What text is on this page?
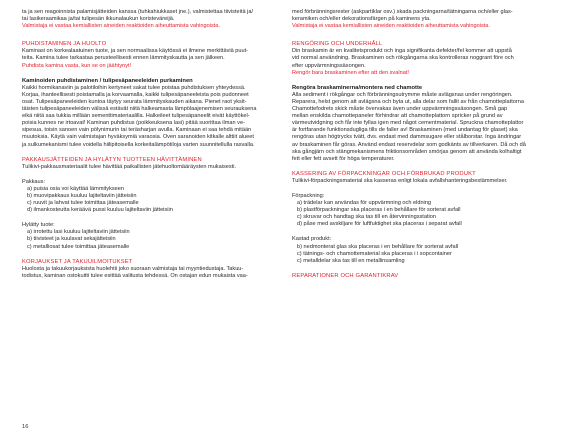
ta ja sen reagoinnista palamisjätteiden kanssa (tuhkahiukkaset jne.), valmistettaa tiivisteitä ja/

tai lasikeraamikaa ja/tai tulipesän ikkunalaukun koristeväreijä.

Valmistaja ei vastaa kemiallisten aineiden reaktioiden aiheuttamista vahingoista.

PUHDISTAMINEN JA HUOLTO

Kaminasi on korkealaatuinen tuote, ja sen normaalissa käytössä ei ilmene merkittäviä puut-

teita. Kamina tulee tarkastaa perusteellisesti ennen lämmityskautta ja sen jälkeen.

Puhdista kamina vasta, kun se on jäähtynyt!

Kaminoiden puhdistaminen / tulipesäpaneeleiden purkaminen

Kaikki hormikanaviin ja palotiloihin kertyneet sakat tulee poistaa puhdistuksen yhteydessä.

Korjaa, ihanteellisesti poistamalla ja korvaamalla, kaikki tulipesäpaneeleista pois pudonneet

osat. Tulipesäpaneeleiden kuntoa täytyy seurata lämmityskauden aikana. Pienet raot yksit-

täisten tulipesäpaneeleiden välissä estävät niitä halkeamasta lämpölaajenemisen seurauksena

eikä niitä saa tukkia millään sementtimateriaalilla. Halkeileet tulipesäpaneelit eivät käyttökel-

poisia kunnes ne irtoavat! Kaminan puhdistus (poikkeuksena lasi) pitää suorittaa ilman ve-

sipesua, toisin sanoen vain pölynimurin tai teräsharjan avulla. Kaminaan ei saa tehdä mitään

muutoksia. Käytä vain valmistajan hyväksymiä varaosia. Oven saranoiden kitkalle alttiit alueet

ja sulkumekanismi tulee voidella hiilipitoisella korkeitalämpötiloja varten suunnitellulla rasvalla.

PAKKAUSJÄTTEIDEN JA HYLÄTYN TUOTTEEN HÄVITTÄMINEN

Tulikivi-pakkausmateriaalit tulee hävittää paikallisten jätehuoltomääräysten mukaisesti.

Pakkaus:

a) puisia osia voi käyttää lämmitykseen
b) muovipakkaus kuuluu lajiteltaviin jätteisiin
c) ruuvit ja lahvat tulee toimittaa jäteasemalle
d) ilmankosteutta keräävä pussi kuuluu lajiteltaviin jätteisiin

Hylätty tuote:

a) irrotettu lasi kuuluu lajiteltaviin jätteisiin
b) tiivisteet ja kuulavat sekajätteisiin
c) metalliosat tulee toimittaa jäteasemalle

KORJAUKSET JA TAKUUILMOITUKSET

Huolosta ja takuukorjauksista huolehtii joko suoraan valmistaja tai myyntiedustaja. Takuu-

todistus, kaminan ostokuitti tulee esittää valitusta tehdessä. On ostajan edun mukaista vaa-

med förbränningsrester (askpartiklar osv.) skada packningarna/tätningarna och/eller glas-

keramiken och/eller dekorationsfärgen på kaminens yta.

Valmistaja ei vastaa kemiallisten aineiden reaktioiden aiheuttamista vahingoista.

RENGÖRING OCH UNDERHÅLL

Din braskamin är en kvalitetsprodukt och inga signifikanta defekter/fel kommer att uppstå

vid normal användning. Braskaminen och rökgångarna ska kontrolleras noggrant före och

efter uppvärmningssäsongen.

Rengör bara braskaminen efter att den svalnat!

Rengöra braskaminerna/montera ned chamotte

Alla sediment i rökgångar och förbränningsutrymme måste avlägsnas under rengöringen.

Reparera, helst genom att avlägsna och byta ut, alla delar som fallit av från chamotteplattorna

Chamottefodrets skick måste övervakas även under uppvärmningssäsongen. Små gap

mellan enskilda chamottepaneler förhindrar att chamotteplattorn spricker på grund av

värmeutvidgning och får inte fyllas igen med något cementmaterial. Spruckna chamotteplattor

är fortfarande funktionsdugliga tills de faller av! Braskaminen (med undantag för glaset) ska

rengöras utan högtrycks tvätt, dvs. endast med dammsugare eller stålborstar. Inga ändringar

av braskaminen får göras. Använd endast reservdelar som godkänts av tillverkaren. Då och då

ska gångjärn och stängmekanismens friktionsområden smörjas genom att använda kolhaltigt

fett eller fett avsett för höga temperaturer.

KASSERING AV FÖRPACKNINGAR OCH FÖRBRUKAD PRODUKT

Tulikivi-förpackningsmaterial ska kasseras enligt lokala avfallshanteringsbestämmelser.

Förpackning:

a) trädelar kan användas för uppvärmning och eldning
b) plastförpackningar ska placeras i en behållare för sorterat avfall
c) skruvar och handtag ska tas till en återvinningsstation
d) påse med avskiljare för luftfuktighet ska placeras i separat avfall

Kastad produkt:

b) nedmonterat glas ska placeras i en behållare för sorterat avfall
c) tätnings- och chamottematerial ska placeras i i sopcontainer
c) metalldelar ska tas till en metallinsamling

REPARATIONER OCH GARANTIKRAV

16
